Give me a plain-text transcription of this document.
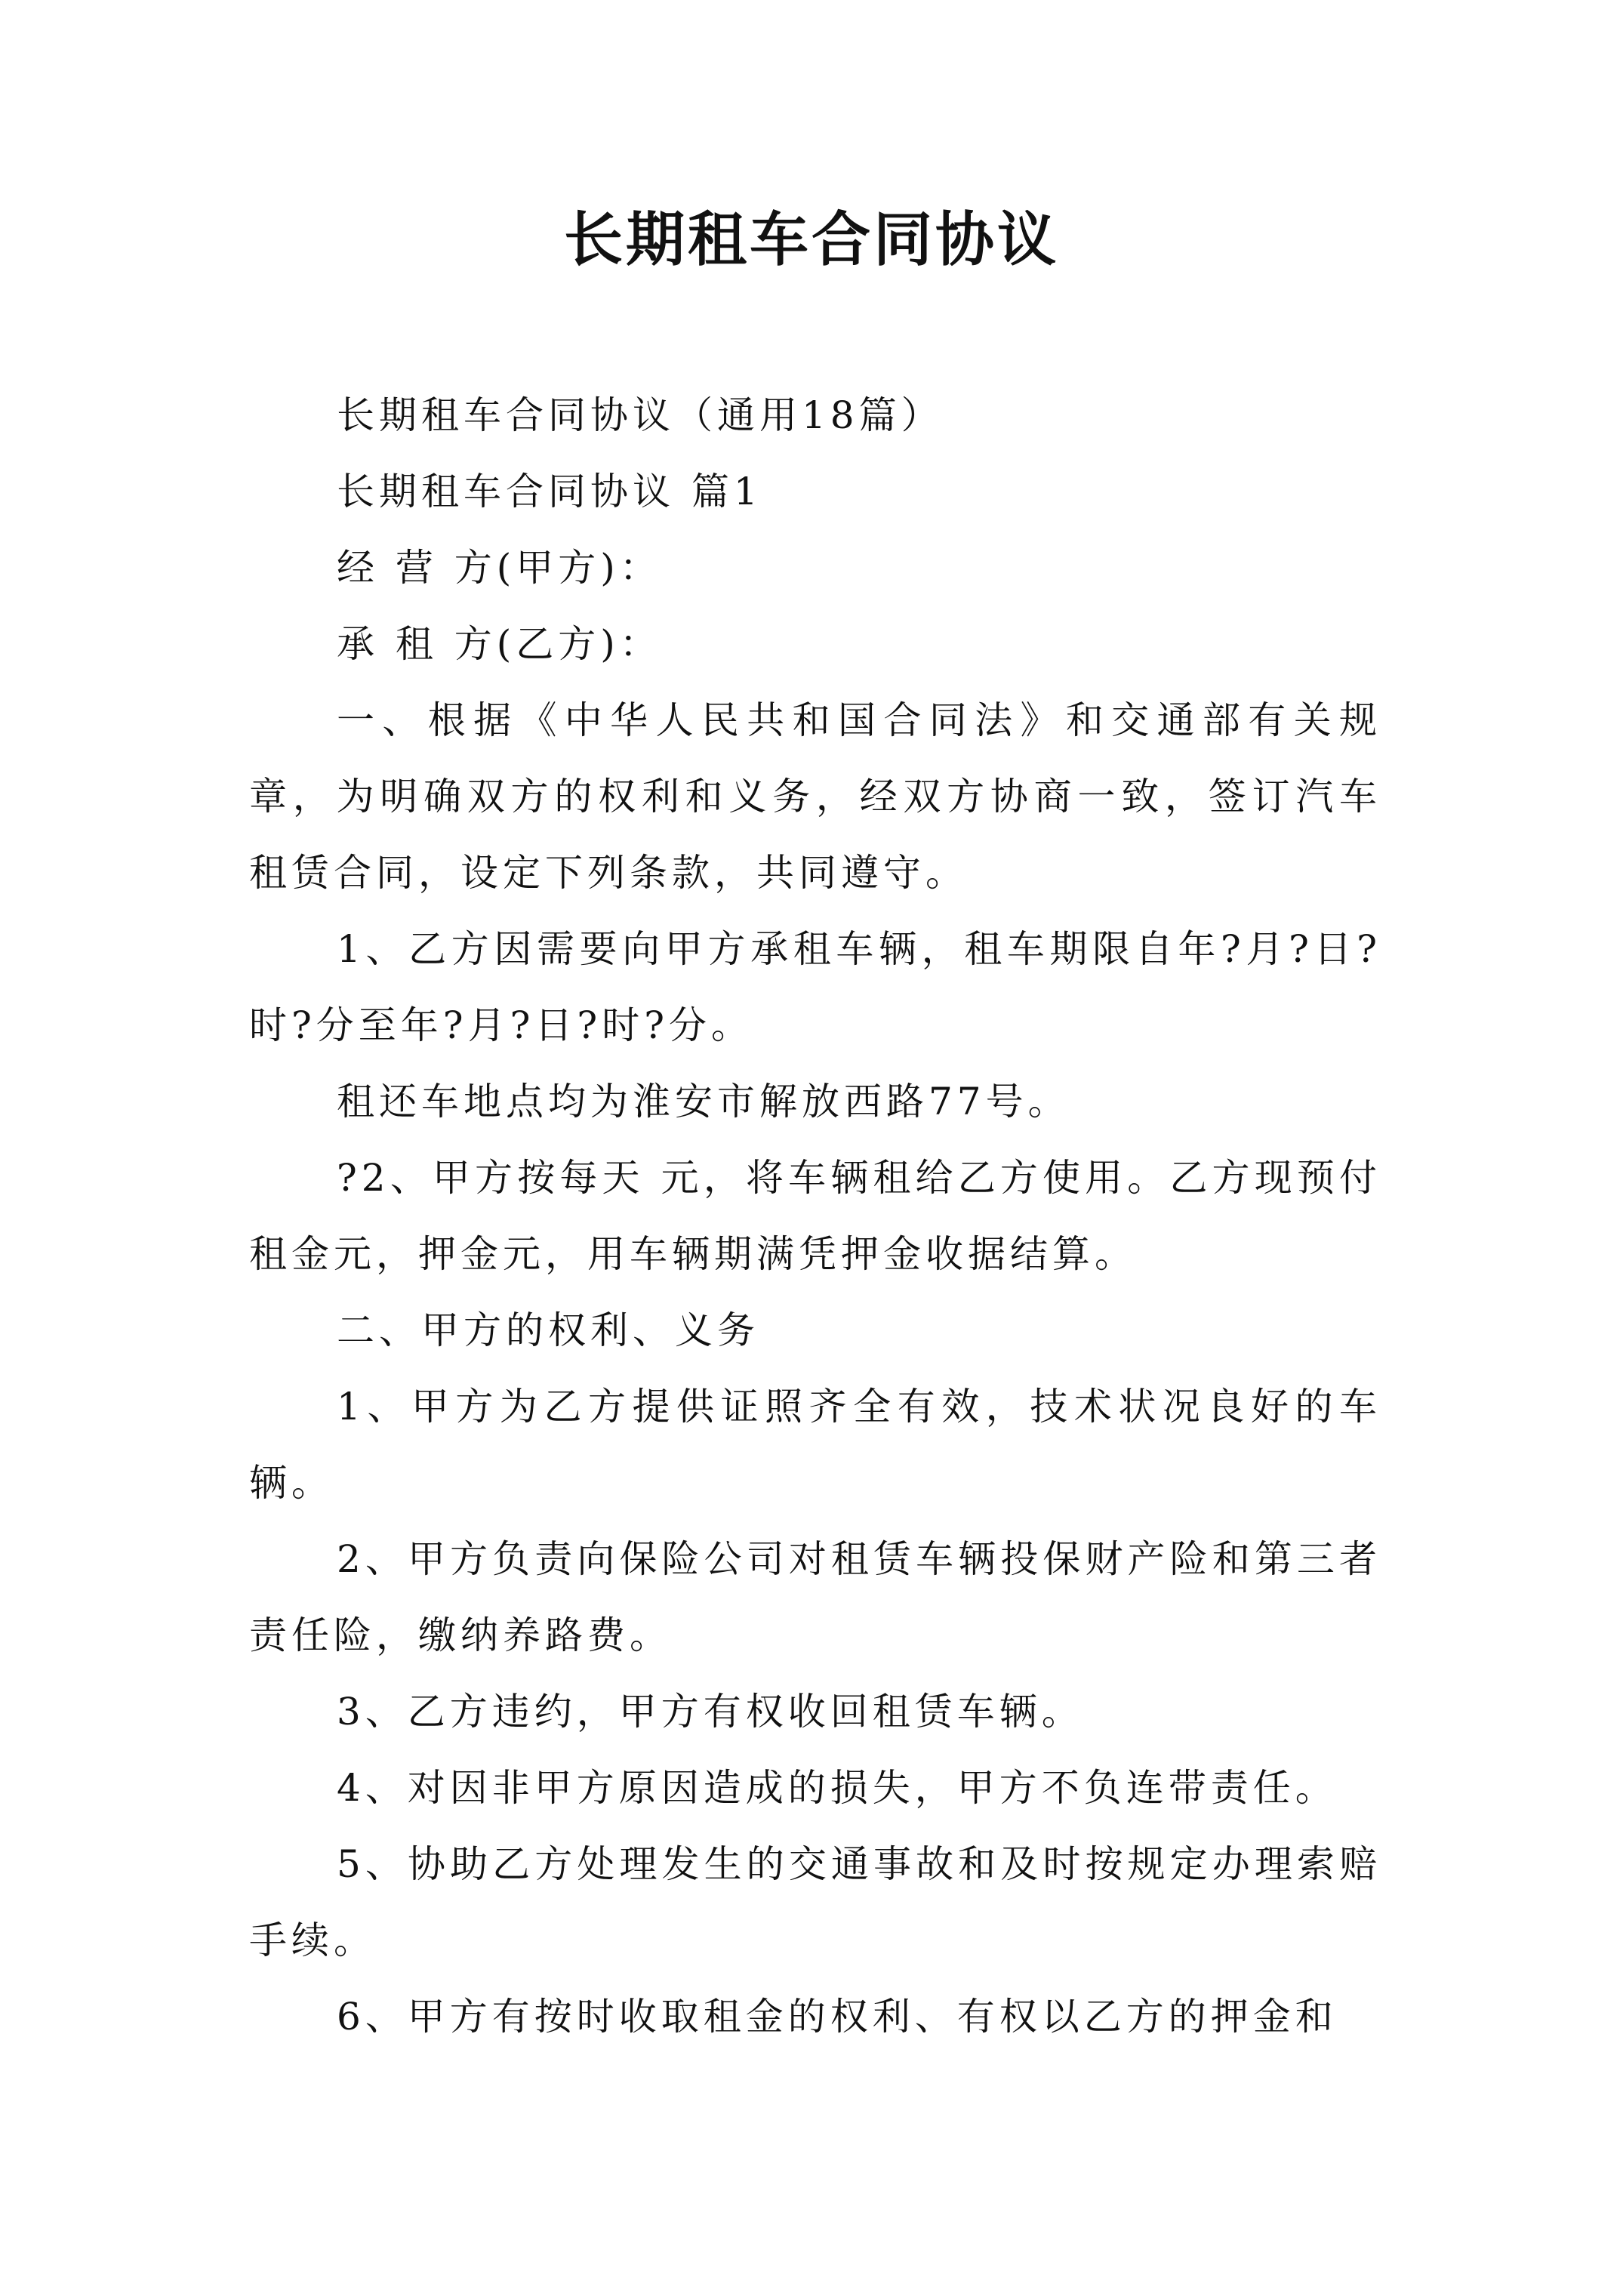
长期租车合同协议

长期租车合同协议（通用18篇）

长期租车合同协议 篇1

经 营 方(甲方)：

承 租 方(乙方)：

一、根据《中华人民共和国合同法》和交通部有关规章，为明确双方的权利和义务，经双方协商一致，签订汽车租赁合同，设定下列条款，共同遵守。

1、乙方因需要向甲方承租车辆，租车期限自年?月?日?时?分至年?月?日?时?分。

租还车地点均为淮安市解放西路77号。

?2、甲方按每天 元，将车辆租给乙方使用。乙方现预付租金元，押金元，用车辆期满凭押金收据结算。

二、甲方的权利、义务

1、甲方为乙方提供证照齐全有效，技术状况良好的车辆。

2、甲方负责向保险公司对租赁车辆投保财产险和第三者责任险，缴纳养路费。

3、乙方违约，甲方有权收回租赁车辆。

4、对因非甲方原因造成的损失，甲方不负连带责任。

5、协助乙方处理发生的交通事故和及时按规定办理索赔手续。

6、甲方有按时收取租金的权利、有权以乙方的押金和
